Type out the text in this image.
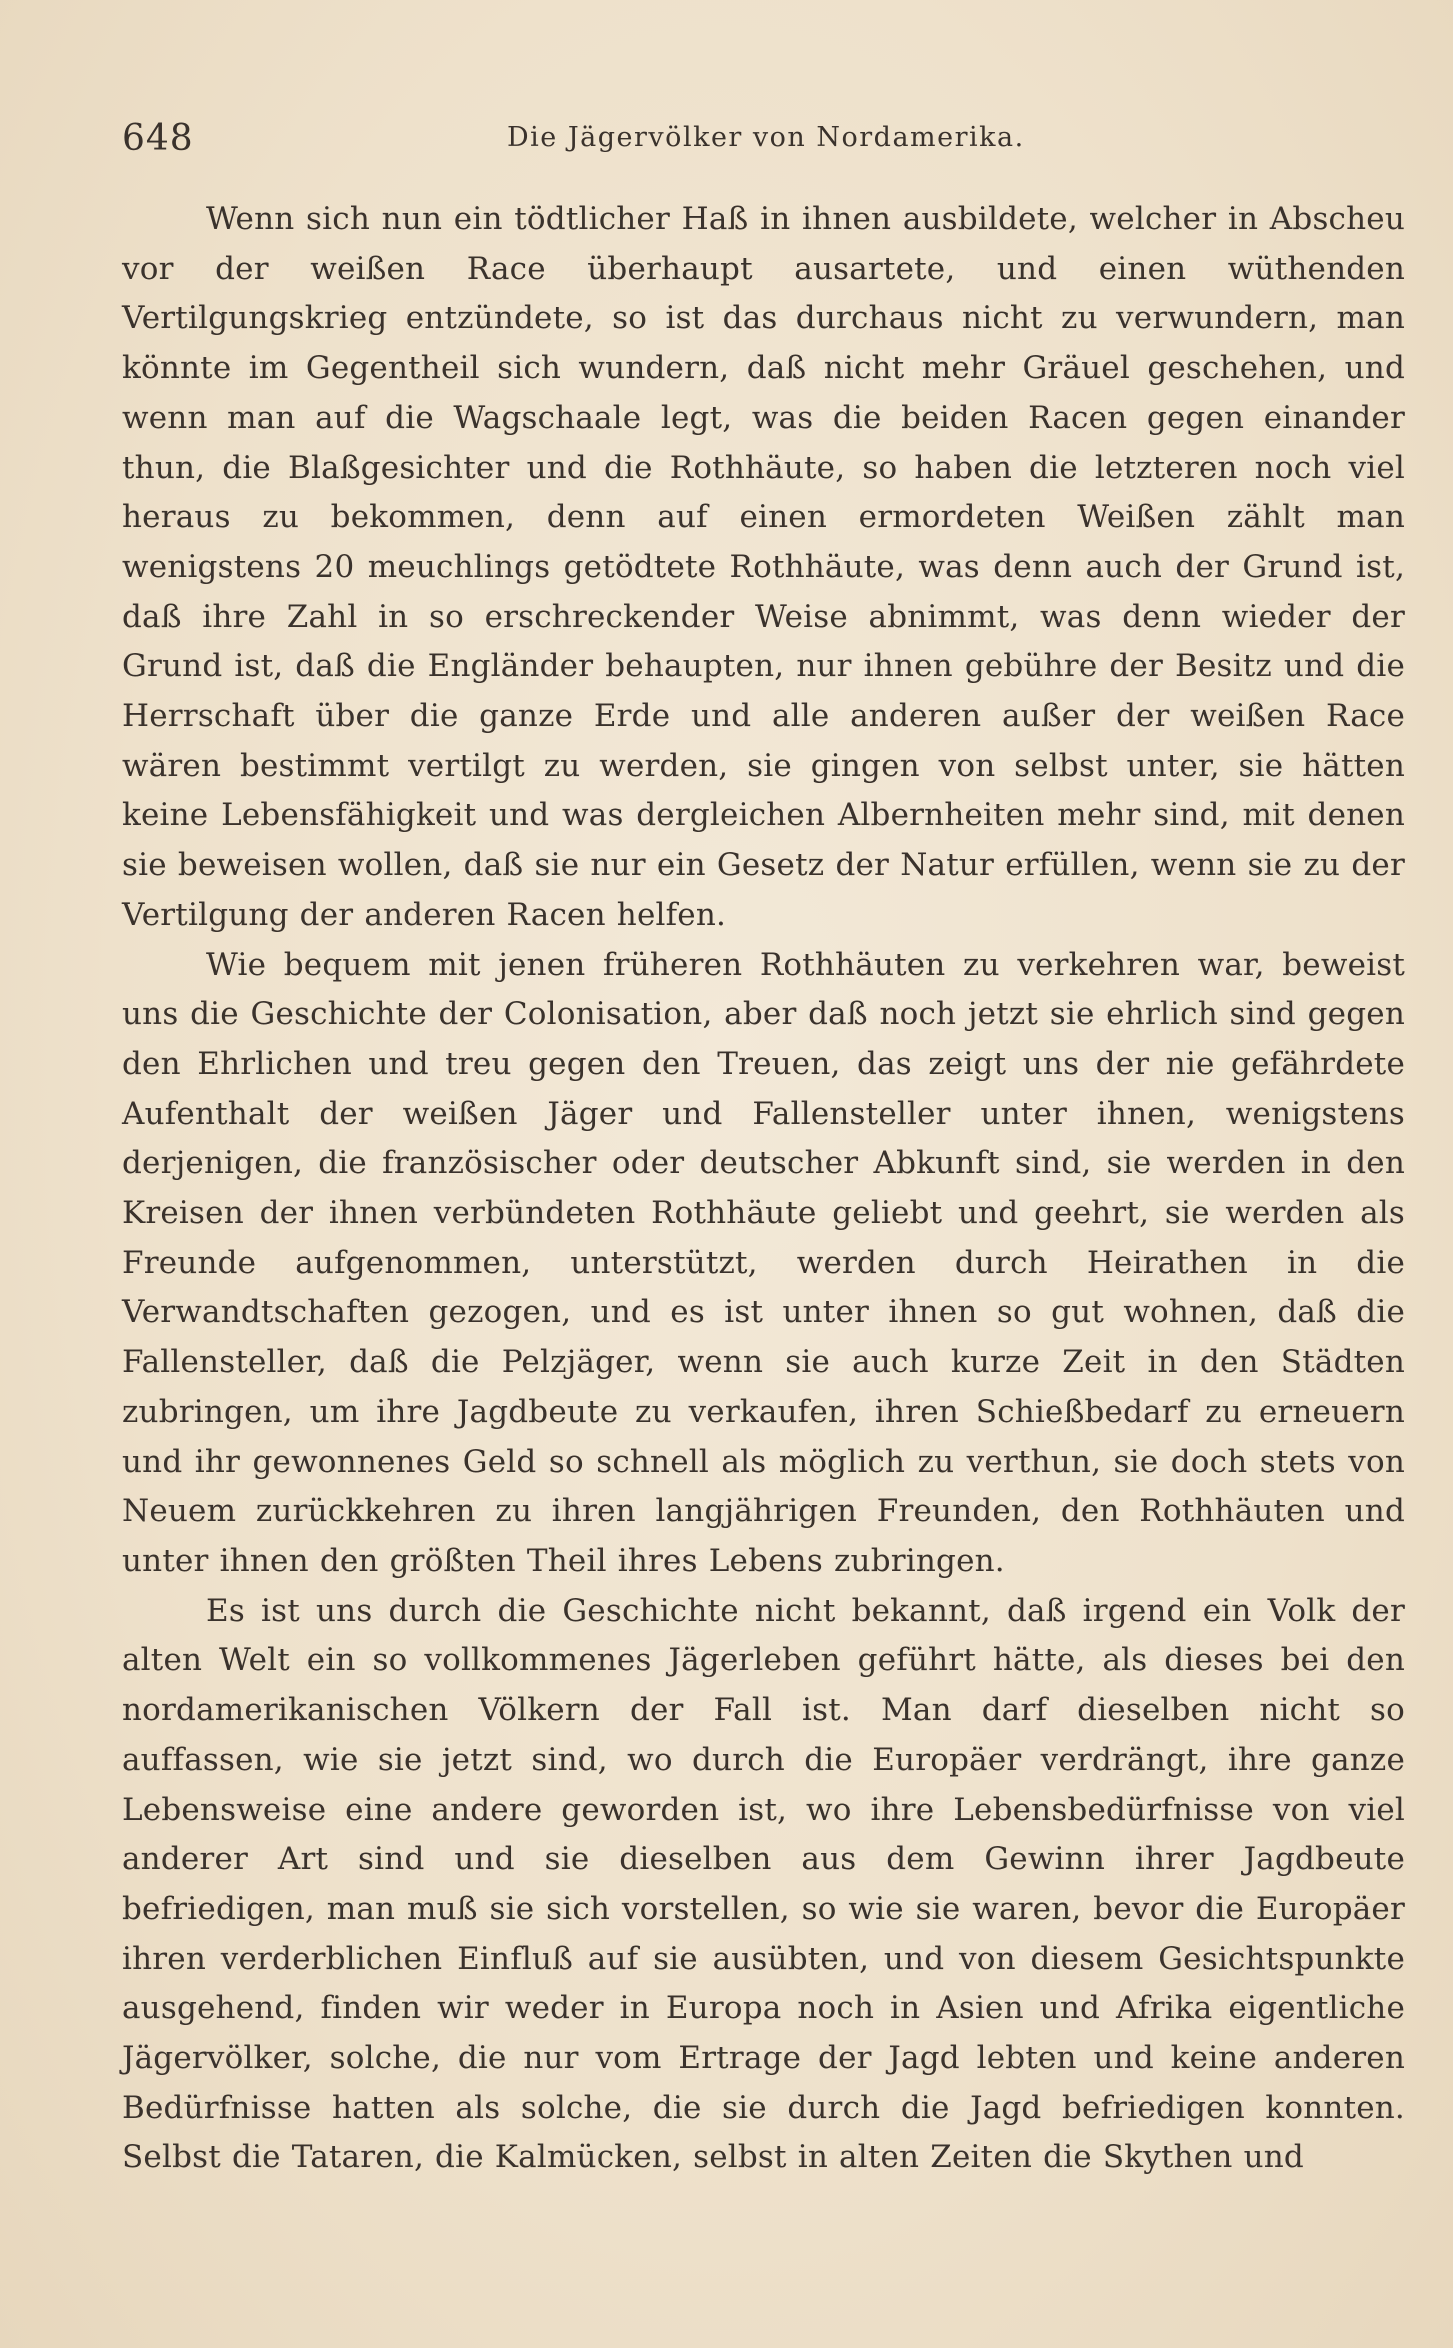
648	Die Jägervölker von Nordamerika.

Wenn sich nun ein tödtlicher Haß in ihnen ausbildete, welcher in Abscheu vor der weißen Race überhaupt ausartete, und einen wüthenden Vertilgungskrieg entzündete, so ist das durchaus nicht zu verwundern, man könnte im Gegentheil sich wundern, daß nicht mehr Gräuel geschehen, und wenn man auf die Wagschaale legt, was die beiden Racen gegen einander thun, die Blaßgesichter und die Rothhäute, so haben die letzteren noch viel heraus zu bekommen, denn auf einen ermordeten Weißen zählt man wenigstens 20 meuchlings getödtete Rothhäute, was denn auch der Grund ist, daß ihre Zahl in so erschreckender Weise abnimmt, was denn wieder der Grund ist, daß die Engländer behaupten, nur ihnen gebühre der Besitz und die Herrschaft über die ganze Erde und alle anderen außer der weißen Race wären bestimmt vertilgt zu werden, sie gingen von selbst unter, sie hätten keine Lebensfähigkeit und was dergleichen Albernheiten mehr sind, mit denen sie beweisen wollen, daß sie nur ein Gesetz der Natur erfüllen, wenn sie zu der Vertilgung der anderen Racen helfen.

Wie bequem mit jenen früheren Rothhäuten zu verkehren war, beweist uns die Geschichte der Colonisation, aber daß noch jetzt sie ehrlich sind gegen den Ehrlichen und treu gegen den Treuen, das zeigt uns der nie gefährdete Aufenthalt der weißen Jäger und Fallensteller unter ihnen, wenigstens derjenigen, die französischer oder deutscher Abkunft sind, sie werden in den Kreisen der ihnen verbündeten Rothhäute geliebt und geehrt, sie werden als Freunde aufgenommen, unterstützt, werden durch Heirathen in die Verwandtschaften gezogen, und es ist unter ihnen so gut wohnen, daß die Fallensteller, daß die Pelzjäger, wenn sie auch kurze Zeit in den Städten zubringen, um ihre Jagdbeute zu verkaufen, ihren Schießbedarf zu erneuern und ihr gewonnenes Geld so schnell als möglich zu verthun, sie doch stets von Neuem zurückkehren zu ihren langjährigen Freunden, den Rothhäuten und unter ihnen den größten Theil ihres Lebens zubringen.

Es ist uns durch die Geschichte nicht bekannt, daß irgend ein Volk der alten Welt ein so vollkommenes Jägerleben geführt hätte, als dieses bei den nordamerikanischen Völkern der Fall ist. Man darf dieselben nicht so auffassen, wie sie jetzt sind, wo durch die Europäer verdrängt, ihre ganze Lebensweise eine andere geworden ist, wo ihre Lebensbedürfnisse von viel anderer Art sind und sie dieselben aus dem Gewinn ihrer Jagdbeute befriedigen, man muß sie sich vorstellen, so wie sie waren, bevor die Europäer ihren verderblichen Einfluß auf sie ausübten, und von diesem Gesichtspunkte ausgehend, finden wir weder in Europa noch in Asien und Afrika eigentliche Jägervölker, solche, die nur vom Ertrage der Jagd lebten und keine anderen Bedürfnisse hatten als solche, die sie durch die Jagd befriedigen konnten. Selbst die Tataren, die Kalmücken, selbst in alten Zeiten die Skythen und
